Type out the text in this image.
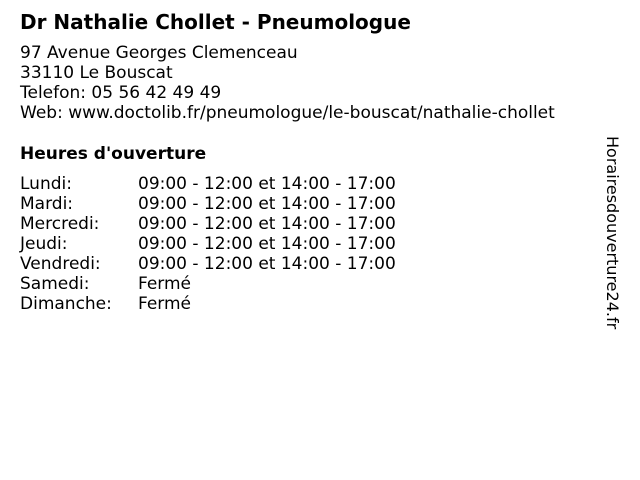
Dr Nathalie Chollet - Pneumologue
97 Avenue Georges Clemenceau
33110 Le Bouscat
Telefon: 05 56 42 49 49
Web: www.doctolib.fr/pneumologue/le-bouscat/nathalie-chollet
Heures d'ouverture
Lundi:	09:00 - 12:00 et 14:00 - 17:00
Mardi:	09:00 - 12:00 et 14:00 - 17:00
Mercredi: 09:00 - 12:00 et 14:00 - 17:00
Jeudi:	09:00 - 12:00 et 14:00 - 17:00
Vendredi: 09:00 - 12:00 et 14:00 - 17:00
Samedi:	Fermé
Dimanche: Fermé	Horairesdouverture24.fr
